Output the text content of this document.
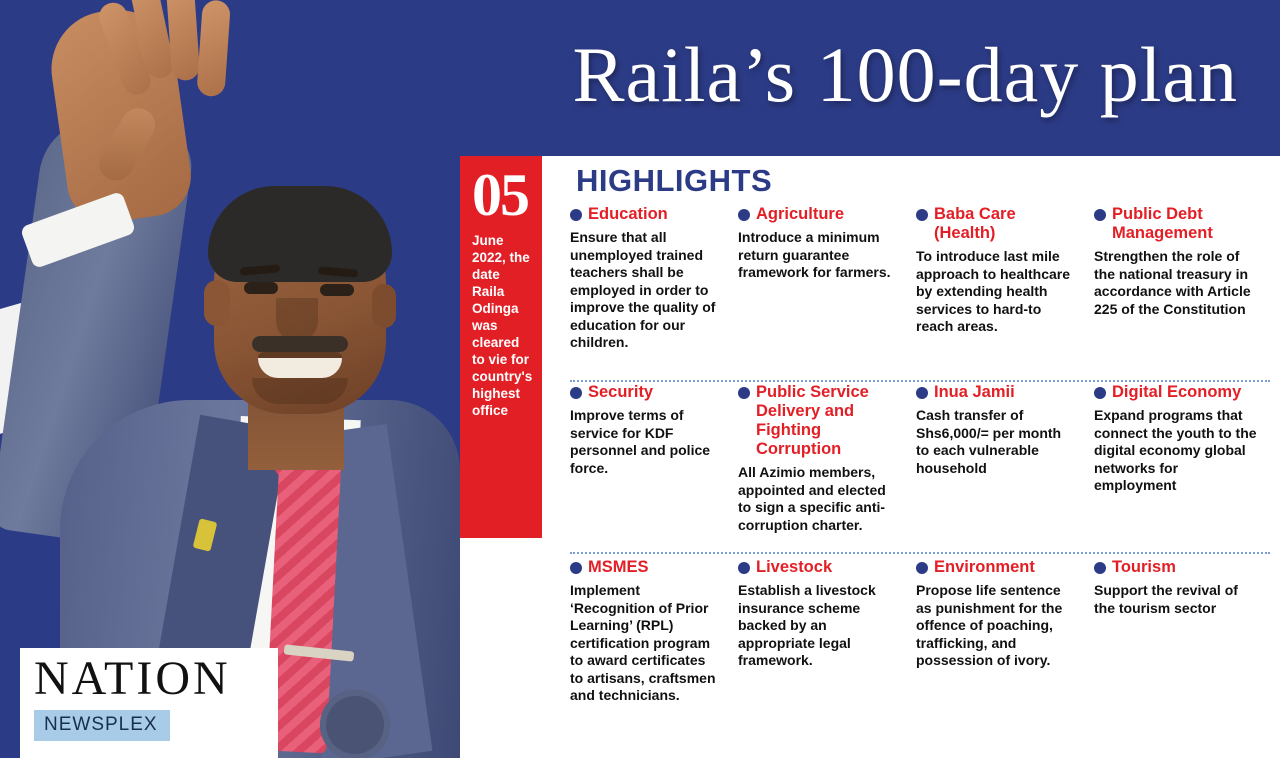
Raila’s 100-day plan
NATION
NEWSPLEX
05
June 2022, the date Raila Odinga was cleared to vie for country's highest office
HIGHLIGHTS
Education
Ensure that all unemployed trained teachers shall be employed in order to improve the quality of education for our children.
Agriculture
Introduce a minimum return guarantee framework for farmers.
Baba Care (Health)
To introduce last mile approach to healthcare by extending health services to hard-to reach areas.
Public Debt Management
Strengthen the role of the national treasury in accordance with Article 225 of the Constitution
Security
Improve terms of service for KDF personnel and police force.
Public Service Delivery and Fighting Corruption
All Azimio members, appointed and elected to sign a specific anti-corruption charter.
Inua Jamii
Cash transfer of Shs6,000/= per month to each vulnerable household
Digital Economy
Expand programs that connect the youth to the digital economy global networks for employment
MSMES
Implement ‘Recognition of Prior Learning’ (RPL) certification program to award certificates to artisans, craftsmen and technicians.
Livestock
Establish a livestock insurance scheme backed by an appropriate legal framework.
Environment
Propose life sentence as punishment for the offence of poaching, trafficking, and possession of ivory.
Tourism
Support the revival of the tourism sector
